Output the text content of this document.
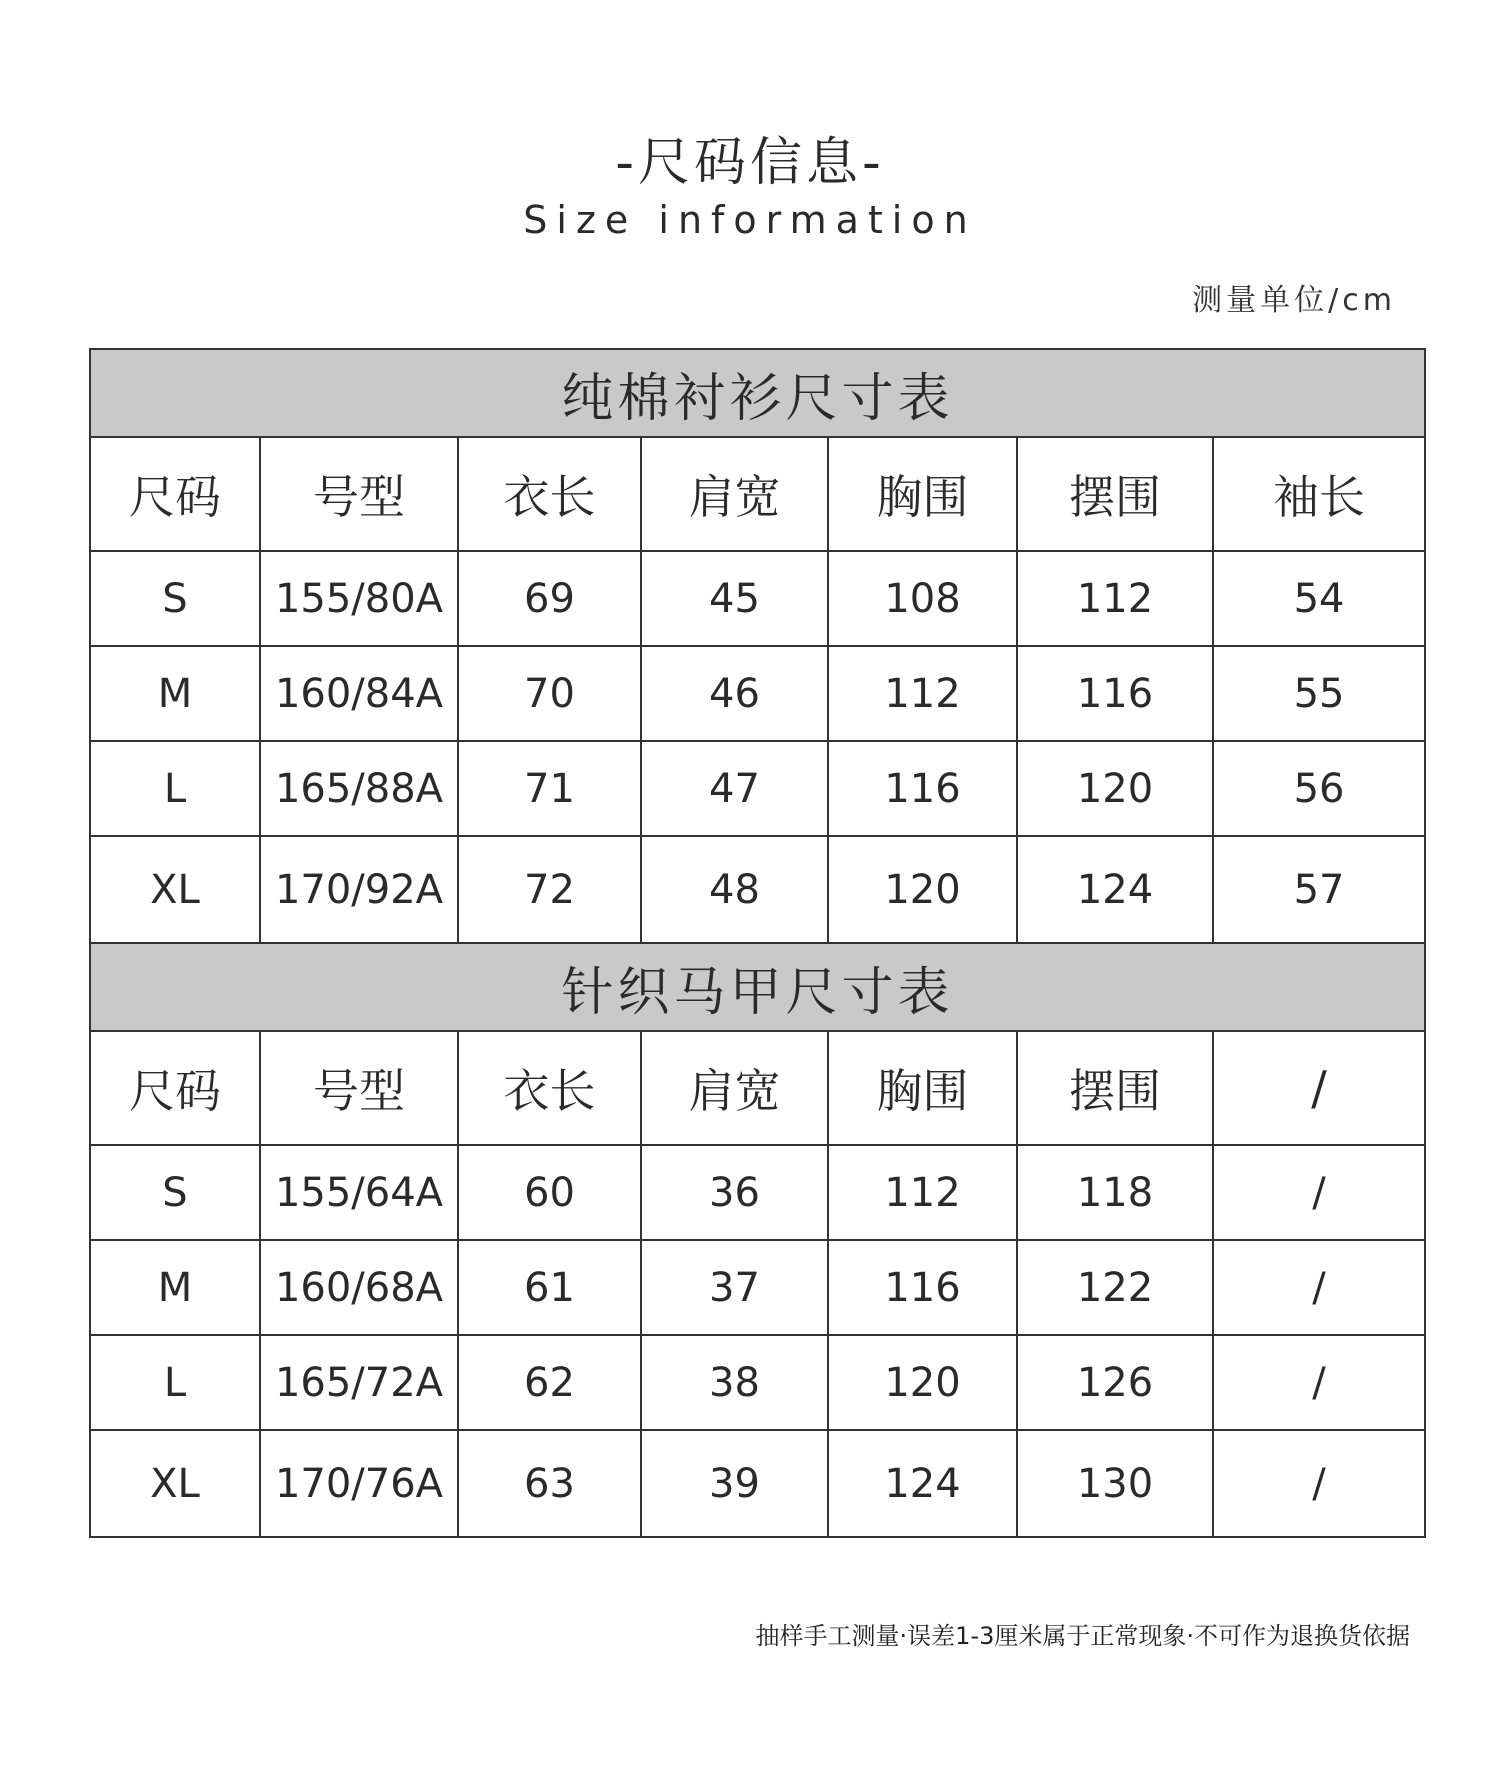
-尺码信息-
Size information
测量单位/cm
纯棉衬衫尺寸表						
尺码	号型	衣长	肩宽	胸围	摆围	袖长
S	155/80A	69	45	108	112	54
M	160/84A	70	46	112	116	55
L	165/88A	71	47	116	120	56
XL	170/92A	72	48	120	124	57
针织马甲尺寸表						
尺码	号型	衣长	肩宽	胸围	摆围	/
S	155/64A	60	36	112	118	/
M	160/68A	61	37	116	122	/
L	165/72A	62	38	120	126	/
XL	170/76A	63	39	124	130	/
抽样手工测量·误差1-3厘米属于正常现象·不可作为退换货依据
